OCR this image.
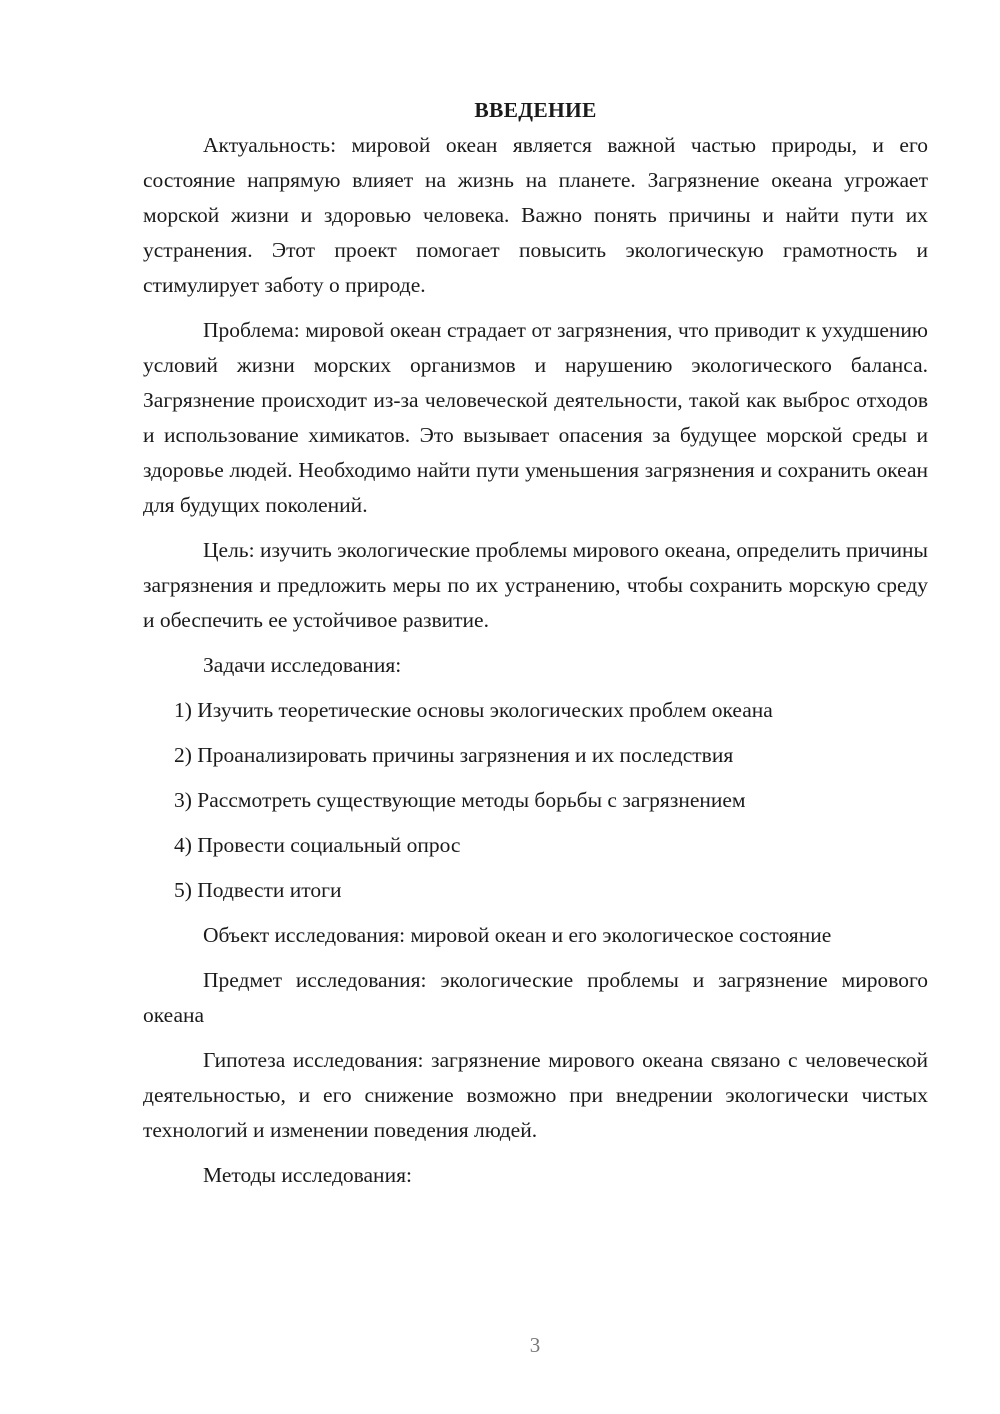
ВВЕДЕНИЕ

Актуальность: мировой океан является важной частью природы, и его состояние напрямую влияет на жизнь на планете. Загрязнение океана угрожает морской жизни и здоровью человека. Важно понять причины и найти пути их устранения. Этот проект помогает повысить экологическую грамотность и стимулирует заботу о природе.

Проблема: мировой океан страдает от загрязнения, что приводит к ухудшению условий жизни морских организмов и нарушению экологического баланса. Загрязнение происходит из-за человеческой деятельности, такой как выброс отходов и использование химикатов. Это вызывает опасения за будущее морской среды и здоровье людей. Необходимо найти пути уменьшения загрязнения и сохранить океан для будущих поколений.

Цель: изучить экологические проблемы мирового океана, определить причины загрязнения и предложить меры по их устранению, чтобы сохранить морскую среду и обеспечить ее устойчивое развитие.

Задачи исследования:

1) Изучить теоретические основы экологических проблем океана

2) Проанализировать причины загрязнения и их последствия

3) Рассмотреть существующие методы борьбы с загрязнением

4) Провести социальный опрос

5) Подвести итоги

Объект исследования: мировой океан и его экологическое состояние

Предмет исследования: экологические проблемы и загрязнение мирового океана

Гипотеза исследования: загрязнение мирового океана связано с человеческой деятельностью, и его снижение возможно при внедрении экологически чистых технологий и изменении поведения людей.

Методы исследования:

3
